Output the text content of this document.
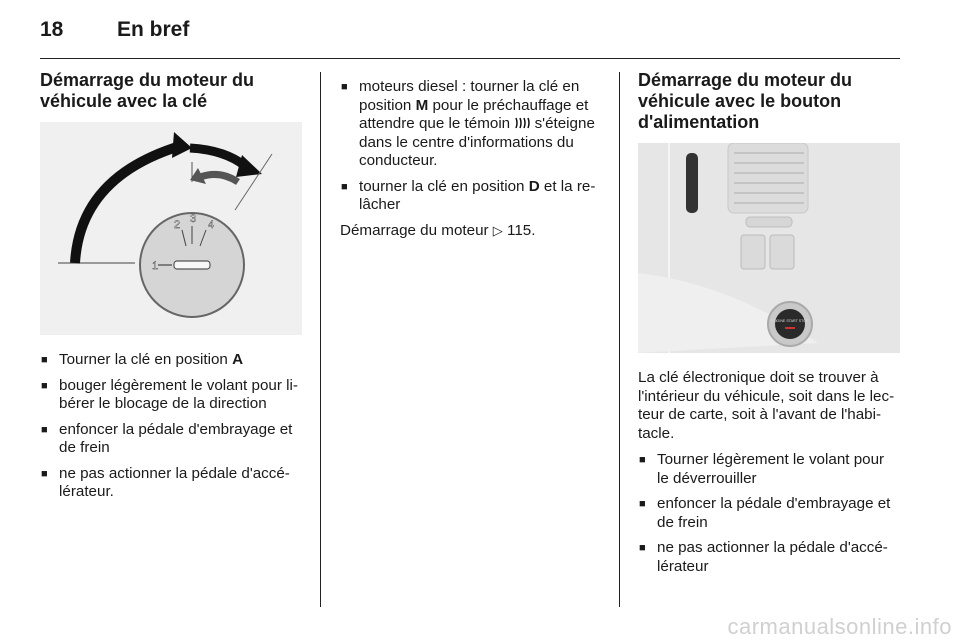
18	En bref
Démarrage du moteur du véhicule avec la clé
1
2 3 4
■ Tourner la clé en position A
■ bouger légèrement le volant pour li-bérer le blocage de la direction
■ enfoncer la pédale d'embrayage et de frein
■ ne pas actionner la pédale d'accé-lérateur.
■ moteurs diesel : tourner la clé en position M pour le préchauffage et attendre que le témoin  s'éteigne dans le centre d'informations du conducteur.
■ tourner la clé en position D et la re-lâcher

Démarrage du moteur ▷ 115.

Démarrage du moteur du véhicule avec le bouton d'alimentation
ENGINE START STOP

La clé électronique doit se trouver à l'intérieur du véhicule, soit dans le lec-teur de carte, soit à l'avant de l'habi-tacle.

■ Tourner légèrement le volant pour le déverrouiller
■ enfoncer la pédale d'embrayage et de frein
■ ne pas actionner la pédale d'accé-lérateur
carmanualsonline.info
